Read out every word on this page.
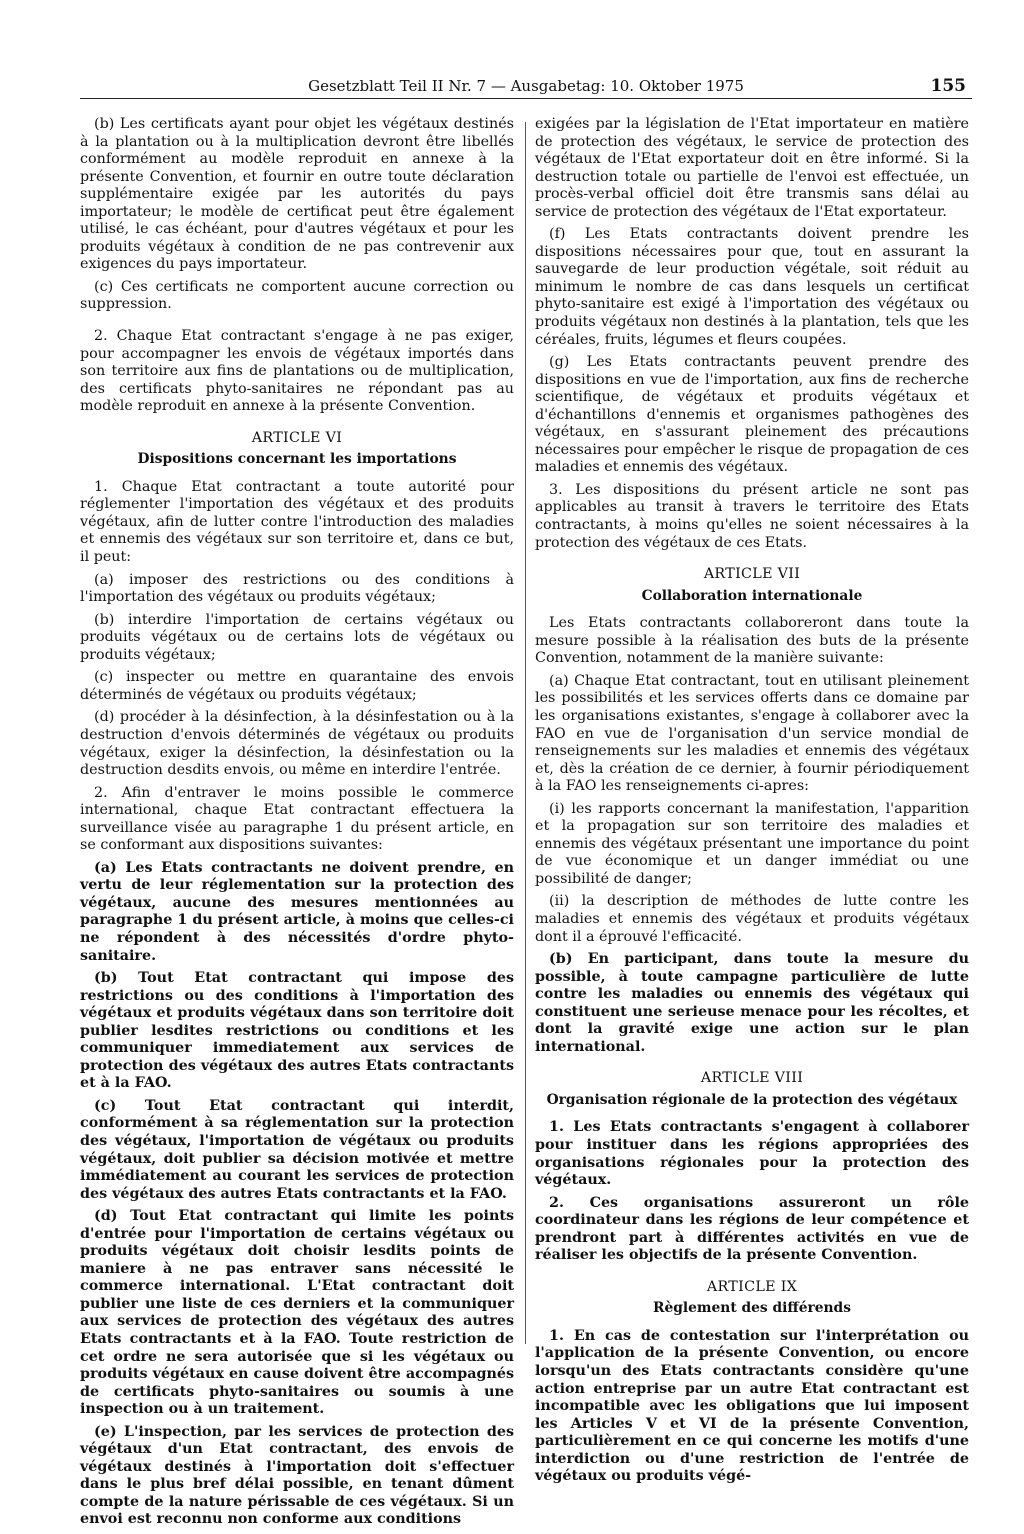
Gesetzblatt Teil II Nr. 7 — Ausgabetag: 10. Oktober 1975	155

(b) Les certificats ayant pour objet les végétaux destinés à la plantation ou à la multiplication devront être libellés conformément au modèle reproduit en annexe à la présente Convention, et fournir en outre toute déclaration supplémentaire exigée par les autorités du pays importateur; le modèle de certificat peut être également utilisé, le cas échéant, pour d'autres végétaux et pour les produits végétaux à condition de ne pas contrevenir aux exigences du pays importateur.

(c) Ces certificats ne comportent aucune correction ou suppression.

2. Chaque Etat contractant s'engage à ne pas exiger, pour accompagner les envois de végétaux importés dans son territoire aux fins de plantations ou de multiplication, des certificats phyto-sanitaires ne répondant pas au modèle reproduit en annexe à la présente Convention.

ARTICLE VI
Dispositions concernant les importations

1. Chaque Etat contractant a toute autorité pour réglementer l'importation des végétaux et des produits végétaux, afin de lutter contre l'introduction des maladies et ennemis des végétaux sur son territoire et, dans ce but, il peut:

(a) imposer des restrictions ou des conditions à l'importation des végétaux ou produits végétaux;

(b) interdire l'importation de certains végétaux ou produits végétaux ou de certains lots de végétaux ou produits végétaux;

(c) inspecter ou mettre en quarantaine des envois déterminés de végétaux ou produits végétaux;

(d) procéder à la désinfection, à la désinfestation ou à la destruction d'envois déterminés de végétaux ou produits végétaux, exiger la désinfection, la désinfestation ou la destruction desdits envois, ou même en interdire l'entrée.

2. Afin d'entraver le moins possible le commerce international, chaque Etat contractant effectuera la surveillance visée au paragraphe 1 du présent article, en se conformant aux dispositions suivantes:

(a) Les Etats contractants ne doivent prendre, en vertu de leur réglementation sur la protection des végétaux, aucune des mesures mentionnées au paragraphe 1 du présent article, à moins que celles-ci ne répondent à des nécessités d'ordre phyto-sanitaire.

(b) Tout Etat contractant qui impose des restrictions ou des conditions à l'importation des végétaux et produits végétaux dans son territoire doit publier lesdites restrictions ou conditions et les communiquer immediatement aux services de protection des végétaux des autres Etats contractants et à la FAO.

(c) Tout Etat contractant qui interdit, conformément à sa réglementation sur la protection des végétaux, l'importation de végétaux ou produits végétaux, doit publier sa décision motivée et mettre immédiatement au courant les services de protection des végétaux des autres Etats contractants et la FAO.

(d) Tout Etat contractant qui limite les points d'entrée pour l'importation de certains végétaux ou produits végétaux doit choisir lesdits points de maniere à ne pas entraver sans nécessité le commerce international. L'Etat contractant doit publier une liste de ces derniers et la communiquer aux services de protection des végétaux des autres Etats contractants et à la FAO. Toute restriction de cet ordre ne sera autorisée que si les végétaux ou produits végétaux en cause doivent être accompagnés de certificats phyto-sanitaires ou soumis à une inspection ou à un traitement.

(e) L'inspection, par les services de protection des végétaux d'un Etat contractant, des envois de végétaux destinés à l'importation doit s'effectuer dans le plus bref délai possible, en tenant dûment compte de la nature périssable de ces végétaux. Si un envoi est reconnu non conforme aux conditions

exigées par la législation de l'Etat importateur en matière de protection des végétaux, le service de protection des végétaux de l'Etat exportateur doit en être informé. Si la destruction totale ou partielle de l'envoi est effectuée, un procès-verbal officiel doit être transmis sans délai au service de protection des végétaux de l'Etat exportateur.

(f) Les Etats contractants doivent prendre les dispositions nécessaires pour que, tout en assurant la sauvegarde de leur production végétale, soit réduit au minimum le nombre de cas dans lesquels un certificat phyto-sanitaire est exigé à l'importation des végétaux ou produits végétaux non destinés à la plantation, tels que les céréales, fruits, légumes et fleurs coupées.

(g) Les Etats contractants peuvent prendre des dispositions en vue de l'importation, aux fins de recherche scientifique, de végétaux et produits végétaux et d'échantillons d'ennemis et organismes pathogènes des végétaux, en s'assurant pleinement des précautions nécessaires pour empêcher le risque de propagation de ces maladies et ennemis des végétaux.

3. Les dispositions du présent article ne sont pas applicables au transit à travers le territoire des Etats contractants, à moins qu'elles ne soient nécessaires à la protection des végétaux de ces Etats.

ARTICLE VII
Collaboration internationale

Les Etats contractants collaboreront dans toute la mesure possible à la réalisation des buts de la présente Convention, notamment de la manière suivante:

(a) Chaque Etat contractant, tout en utilisant pleinement les possibilités et les services offerts dans ce domaine par les organisations existantes, s'engage à collaborer avec la FAO en vue de l'organisation d'un service mondial de renseignements sur les maladies et ennemis des végétaux et, dès la création de ce dernier, à fournir périodiquement à la FAO les renseignements ci-apres:

(i) les rapports concernant la manifestation, l'apparition et la propagation sur son territoire des maladies et ennemis des végétaux présentant une importance du point de vue économique et un danger immédiat ou une possibilité de danger;

(ii) la description de méthodes de lutte contre les maladies et ennemis des végétaux et produits végétaux dont il a éprouvé l'efficacité.

(b) En participant, dans toute la mesure du possible, à toute campagne particulière de lutte contre les maladies ou ennemis des végétaux qui constituent une serieuse menace pour les récoltes, et dont la gravité exige une action sur le plan international.

ARTICLE VIII
Organisation régionale de la protection des végétaux

1. Les Etats contractants s'engagent à collaborer pour instituer dans les régions appropriées des organisations régionales pour la protection des végétaux.

2. Ces organisations assureront un rôle coordinateur dans les régions de leur compétence et prendront part à différentes activités en vue de réaliser les objectifs de la présente Convention.

ARTICLE IX
Règlement des différends

1. En cas de contestation sur l'interprétation ou l'application de la présente Convention, ou encore lorsqu'un des Etats contractants considère qu'une action entreprise par un autre Etat contractant est incompatible avec les obligations que lui imposent les Articles V et VI de la présente Convention, particulièrement en ce qui concerne les motifs d'une interdiction ou d'une restriction de l'entrée de végétaux ou produits végé-
